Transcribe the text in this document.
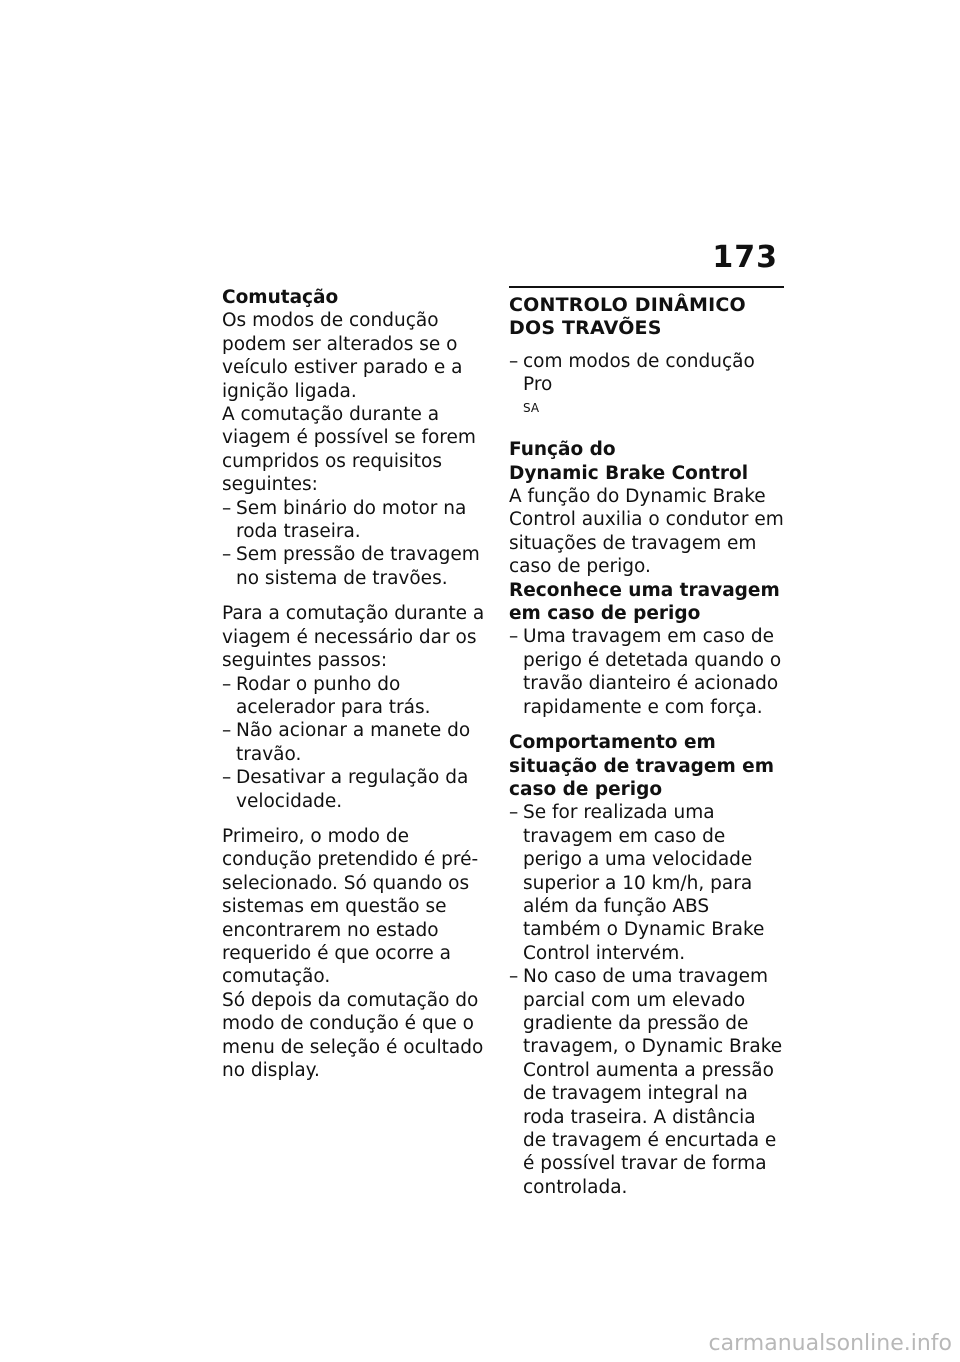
173

Comutação

Os modos de condução podem ser alterados se o veículo estiver parado e a ignição ligada.

A comutação durante a viagem é possível se forem cumpridos os requisitos seguintes:

– Sem binário do motor na roda traseira.
– Sem pressão de travagem no sistema de travões.

Para a comutação durante a viagem é necessário dar os seguintes passos:

– Rodar o punho do acelerador para trás.
– Não acionar a manete do travão.
– Desativar a regulação da velocidade.

Primeiro, o modo de condução pretendido é pré-selecionado. Só quando os sistemas em questão se encontrarem no estado requerido é que ocorre a comutação.

Só depois da comutação do modo de condução é que o menu de seleção é ocultado no display.

CONTROLO DINÂMICO DOS TRAVÕES
– com modos de condução Pro
$^{SA}$

Função do
Dynamic Brake Control

A função do Dynamic Brake Control auxilia o condutor em situações de travagem em caso de perigo.

Reconhece uma travagem em caso de perigo

– Uma travagem em caso de perigo é detetada quando o travão dianteiro é acionado rapidamente e com força.

Comportamento em situação de travagem em caso de perigo

– Se for realizada uma travagem em caso de perigo a uma velocidade superior a 10 km/h, para além da função ABS também o Dynamic Brake Control intervém.
– No caso de uma travagem parcial com um elevado gradiente da pressão de travagem, o Dynamic Brake Control aumenta a pressão de travagem integral na roda traseira. A distância de travagem é encurtada e é possível travar de forma controlada.
carmanualsonline.info
